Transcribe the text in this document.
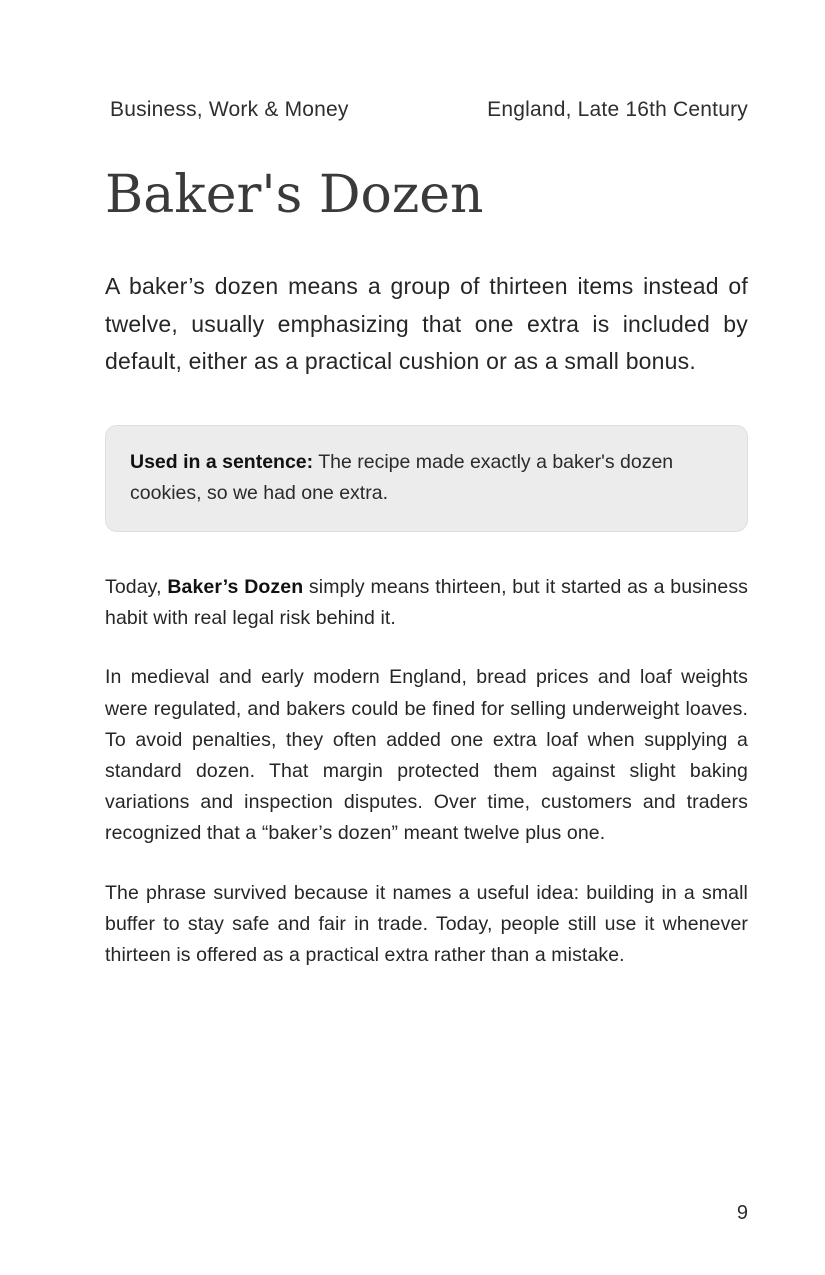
Business, Work & Money	England, Late 16th Century
Baker's Dozen

A baker’s dozen means a group of thirteen items instead of twelve, usually emphasizing that one extra is included by default, either as a practical cushion or as a small bonus.

Used in a sentence: The recipe made exactly a baker's dozen cookies, so we had one extra.

Today, Baker’s Dozen simply means thirteen, but it started as a business habit with real legal risk behind it.

In medieval and early modern England, bread prices and loaf weights were regulated, and bakers could be fined for selling underweight loaves. To avoid penalties, they often added one extra loaf when supplying a standard dozen. That margin protected them against slight baking variations and inspection disputes. Over time, customers and traders recognized that a “baker’s dozen” meant twelve plus one.

The phrase survived because it names a useful idea: building in a small buffer to stay safe and fair in trade. Today, people still use it whenever thirteen is offered as a practical extra rather than a mistake.

9
